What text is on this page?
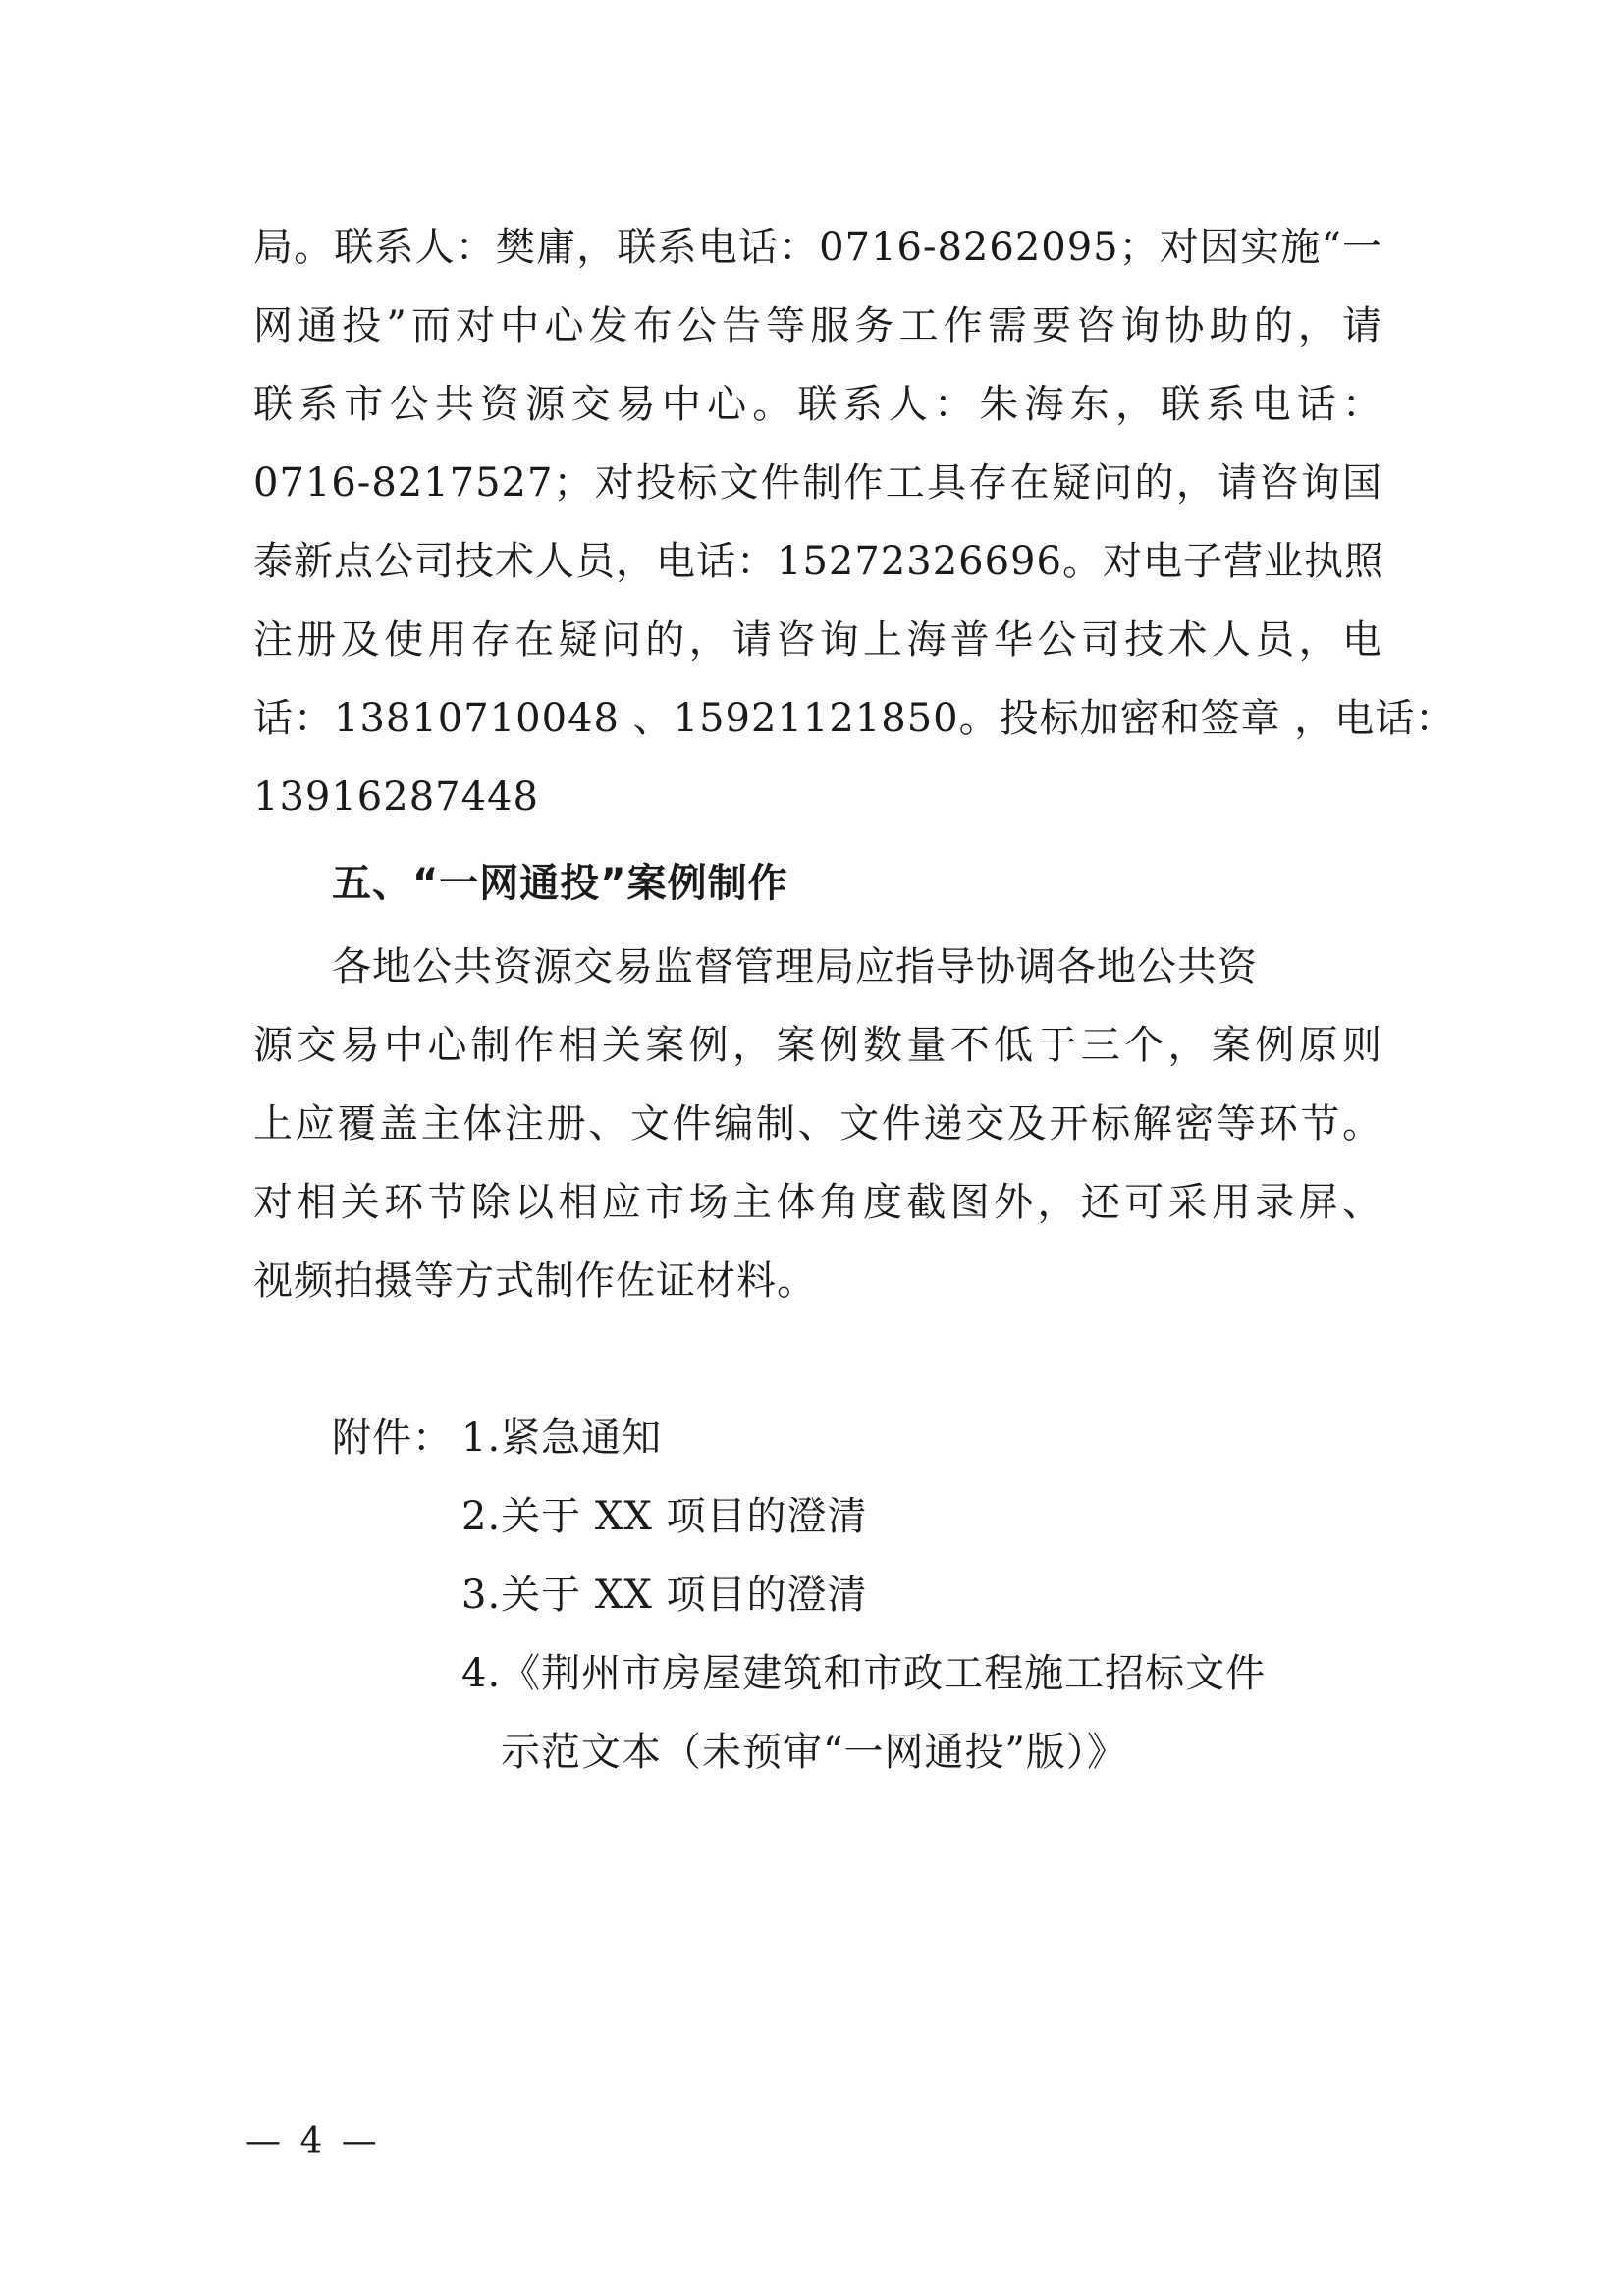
局。联系人：樊庸，联系电话：0716-8262095；对因实施“一
网通投”而对中心发布公告等服务工作需要咨询协助的，请
联系市公共资源交易中心。联系人：朱海东，联系电话：
0716-8217527；对投标文件制作工具存在疑问的，请咨询国
泰新点公司技术人员，电话：15272326696。对电子营业执照
注册及使用存在疑问的，请咨询上海普华公司技术人员，电
话：13810710048 、15921121850。投标加密和签章 ，电话：
13916287448
五、“一网通投”案例制作
各地公共资源交易监督管理局应指导协调各地公共资
源交易中心制作相关案例，案例数量不低于三个，案例原则
上应覆盖主体注册、文件编制、文件递交及开标解密等环节。
对相关环节除以相应市场主体角度截图外，还可采用录屏、
视频拍摄等方式制作佐证材料。
附件： 1.紧急通知
2.关于 XX 项目的澄清
3.关于 XX 项目的澄清
4.《荆州市房屋建筑和市政工程施工招标文件
示范文本（未预审“一网通投”版）》
— 4 —
